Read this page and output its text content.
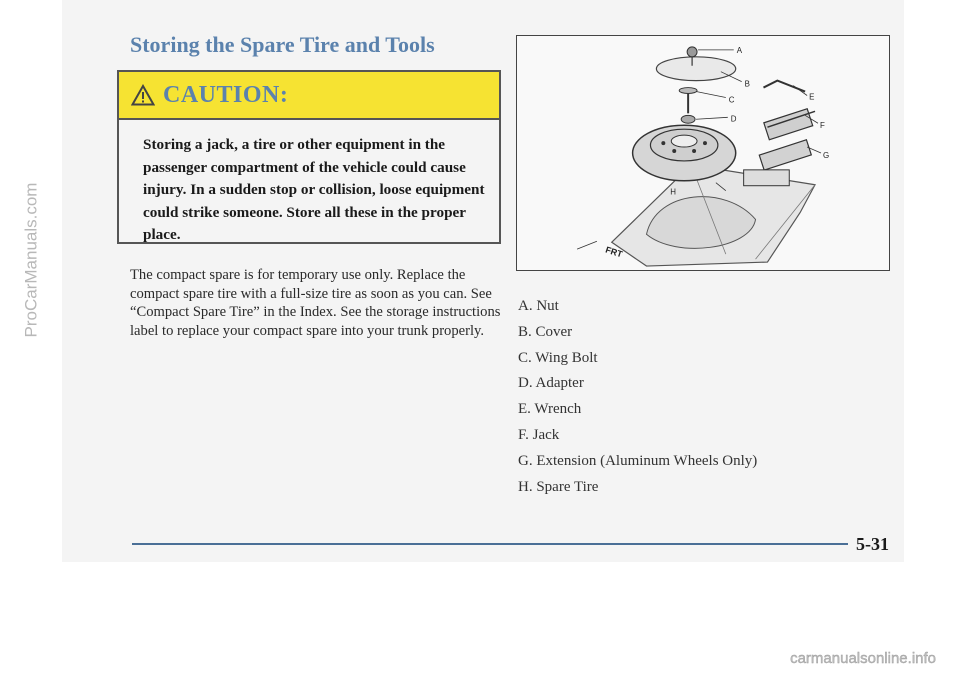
ProCarManuals.com
Storing the Spare Tire and Tools
CAUTION:

Storing a jack, a tire or other equipment in the passenger compartment of the vehicle could cause injury. In a sudden stop or collision, loose equipment could strike someone. Store all these in the proper place.

The compact spare is for temporary use only. Replace the compact spare tire with a full-size tire as soon as you can. See “Compact Spare Tire” in the Index. See the storage instructions label to replace your compact spare into your trunk properly.

A
B
C
D
E
F
G
H
FRT
A. Nut
B. Cover
C. Wing Bolt
D. Adapter
E. Wrench
F. Jack
G. Extension (Aluminum Wheels Only)
H. Spare Tire
5-31
carmanualsonline.info
